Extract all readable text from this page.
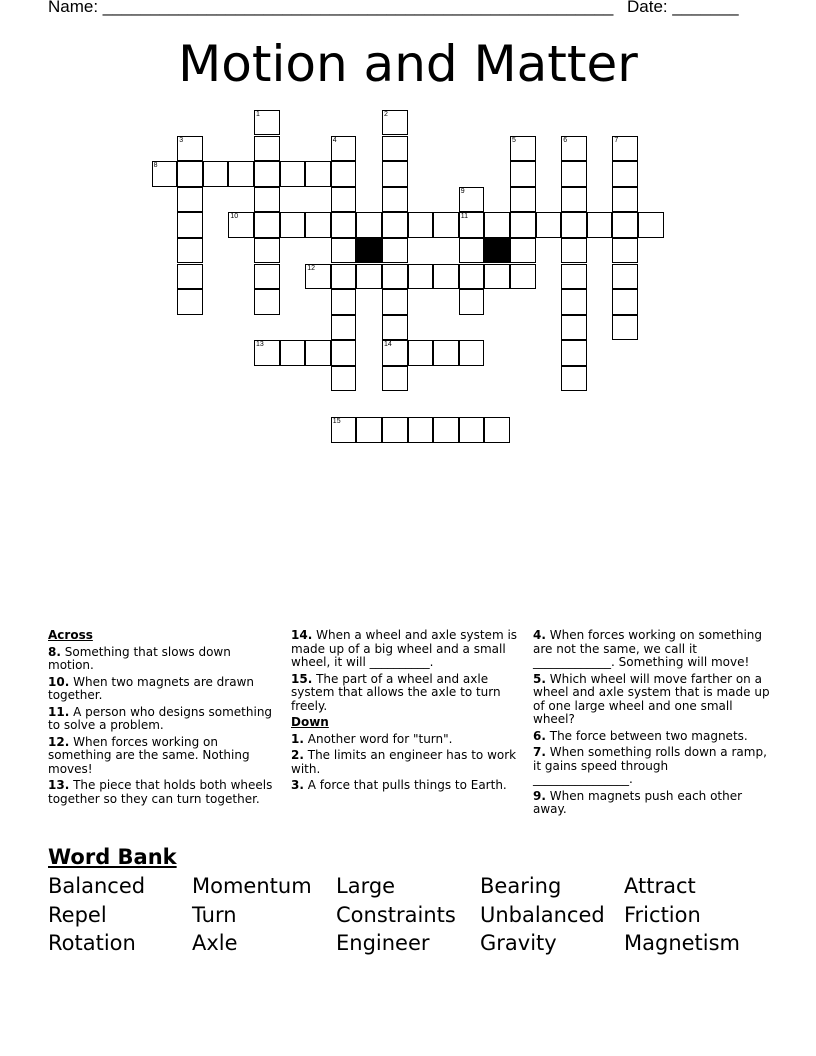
Name: ______________________________________________________ Date: _______
Motion and Matter
8
10	11
12
13	14
15
1	2
3	4	5	6	7
9
Across
8. Something that slows down motion.
10. When two magnets are drawn together.
11. A person who designs something to solve a problem.
12. When forces working on something are the same. Nothing moves!
13. The piece that holds both wheels together so they can turn together.
14. When a wheel and axle system is made up of a big wheel and a small wheel, it will __________.
15. The part of a wheel and axle system that allows the axle to turn freely.
Down
1. Another word for "turn".
2. The limits an engineer has to work with.
3. A force that pulls things to Earth.
4. When forces working on something are not the same, we call it _____________. Something will move!
5. Which wheel will move farther on a wheel and axle system that is made up of one large wheel and one small wheel?
6. The force between two magnets.
7. When something rolls down a ramp, it gains speed through ________________.
9. When magnets push each other away.
Word Bank
Balanced Momentum Large	Bearing	Attract
Repel	Turn	Constraints Unbalanced Friction
Rotation	Axle	Engineer Gravity	Magnetism
